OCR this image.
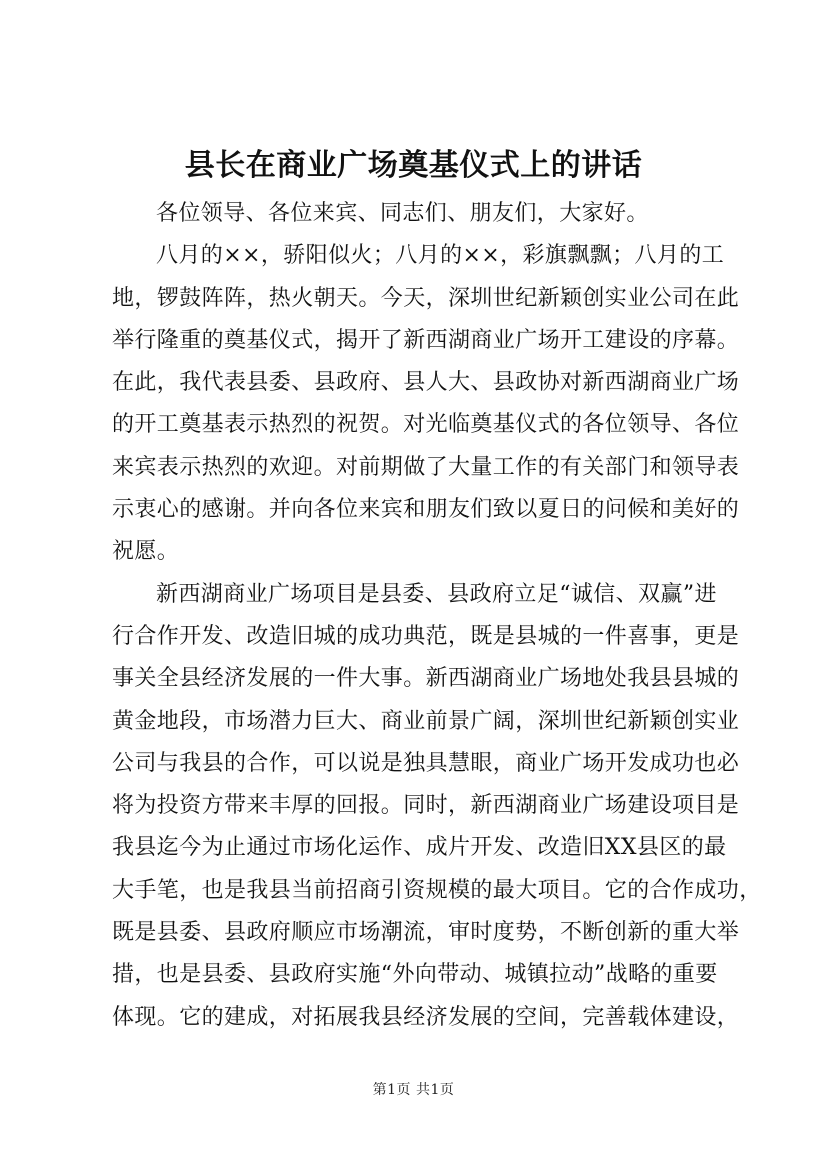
县长在商业广场奠基仪式上的讲话
各位领导、各位来宾、同志们、朋友们，大家好。
八月的××，骄阳似火；八月的××，彩旗飘飘；八月的工
地，锣鼓阵阵，热火朝天。今天，深圳世纪新颖创实业公司在此
举行隆重的奠基仪式，揭开了新西湖商业广场开工建设的序幕。
在此，我代表县委、县政府、县人大、县政协对新西湖商业广场
的开工奠基表示热烈的祝贺。对光临奠基仪式的各位领导、各位
来宾表示热烈的欢迎。对前期做了大量工作的有关部门和领导表
示衷心的感谢。并向各位来宾和朋友们致以夏日的问候和美好的
祝愿。
新西湖商业广场项目是县委、县政府立足“诚信、双赢”进
行合作开发、改造旧城的成功典范，既是县城的一件喜事，更是
事关全县经济发展的一件大事。新西湖商业广场地处我县县城的
黄金地段，市场潜力巨大、商业前景广阔，深圳世纪新颖创实业
公司与我县的合作，可以说是独具慧眼，商业广场开发成功也必
将为投资方带来丰厚的回报。同时，新西湖商业广场建设项目是
我县迄今为止通过市场化运作、成片开发、改造旧XX县区的最
大手笔，也是我县当前招商引资规模的最大项目。它的合作成功，
既是县委、县政府顺应市场潮流，审时度势，不断创新的重大举
措，也是县委、县政府实施“外向带动、城镇拉动”战略的重要
体现。它的建成，对拓展我县经济发展的空间，完善载体建设，
第1页 共1页
